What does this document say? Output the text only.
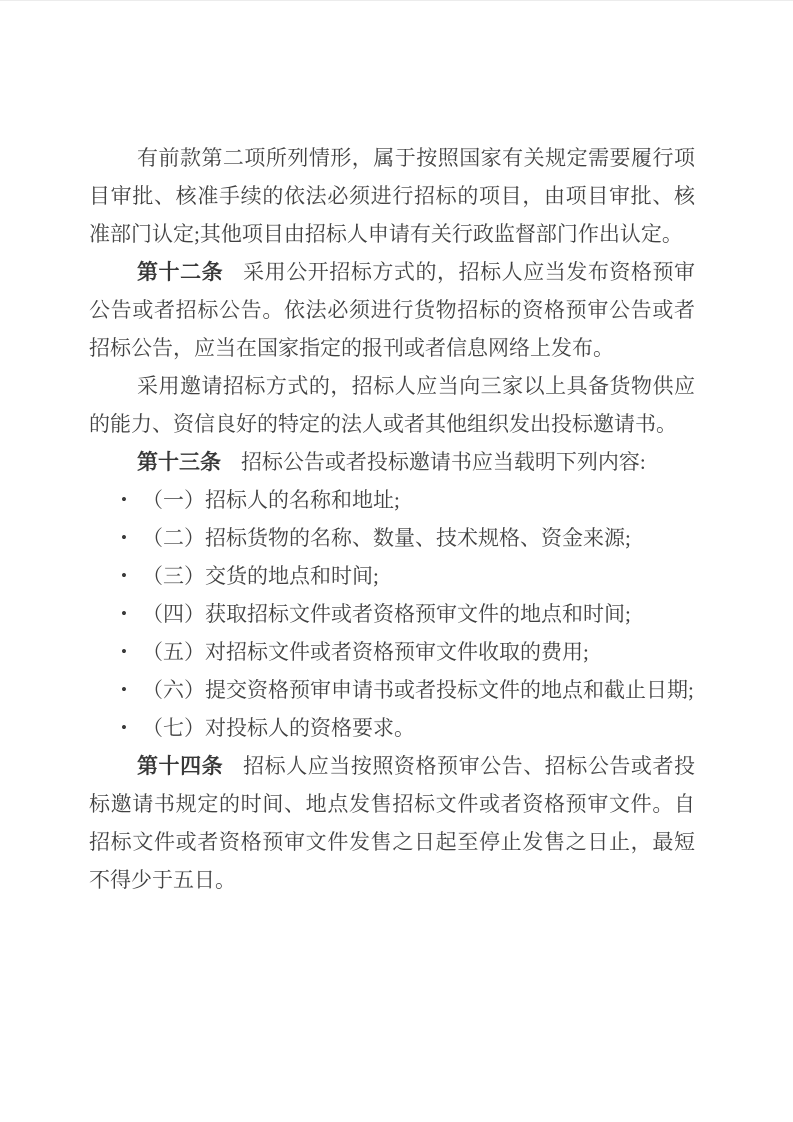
有前款第二项所列情形，属于按照国家有关规定需要履行项目审批、核准手续的依法必须进行招标的项目，由项目审批、核准部门认定;其他项目由招标人申请有关行政监督部门作出认定。

第十二条 采用公开招标方式的，招标人应当发布资格预审公告或者招标公告。依法必须进行货物招标的资格预审公告或者招标公告，应当在国家指定的报刊或者信息网络上发布。

采用邀请招标方式的，招标人应当向三家以上具备货物供应的能力、资信良好的特定的法人或者其他组织发出投标邀请书。

第十三条 招标公告或者投标邀请书应当载明下列内容:

• （一）招标人的名称和地址;
• （二）招标货物的名称、数量、技术规格、资金来源;
• （三）交货的地点和时间;
• （四）获取招标文件或者资格预审文件的地点和时间;
• （五）对招标文件或者资格预审文件收取的费用;
• （六）提交资格预审申请书或者投标文件的地点和截止日期;
• （七）对投标人的资格要求。

第十四条 招标人应当按照资格预审公告、招标公告或者投标邀请书规定的时间、地点发售招标文件或者资格预审文件。自招标文件或者资格预审文件发售之日起至停止发售之日止，最短不得少于五日。
